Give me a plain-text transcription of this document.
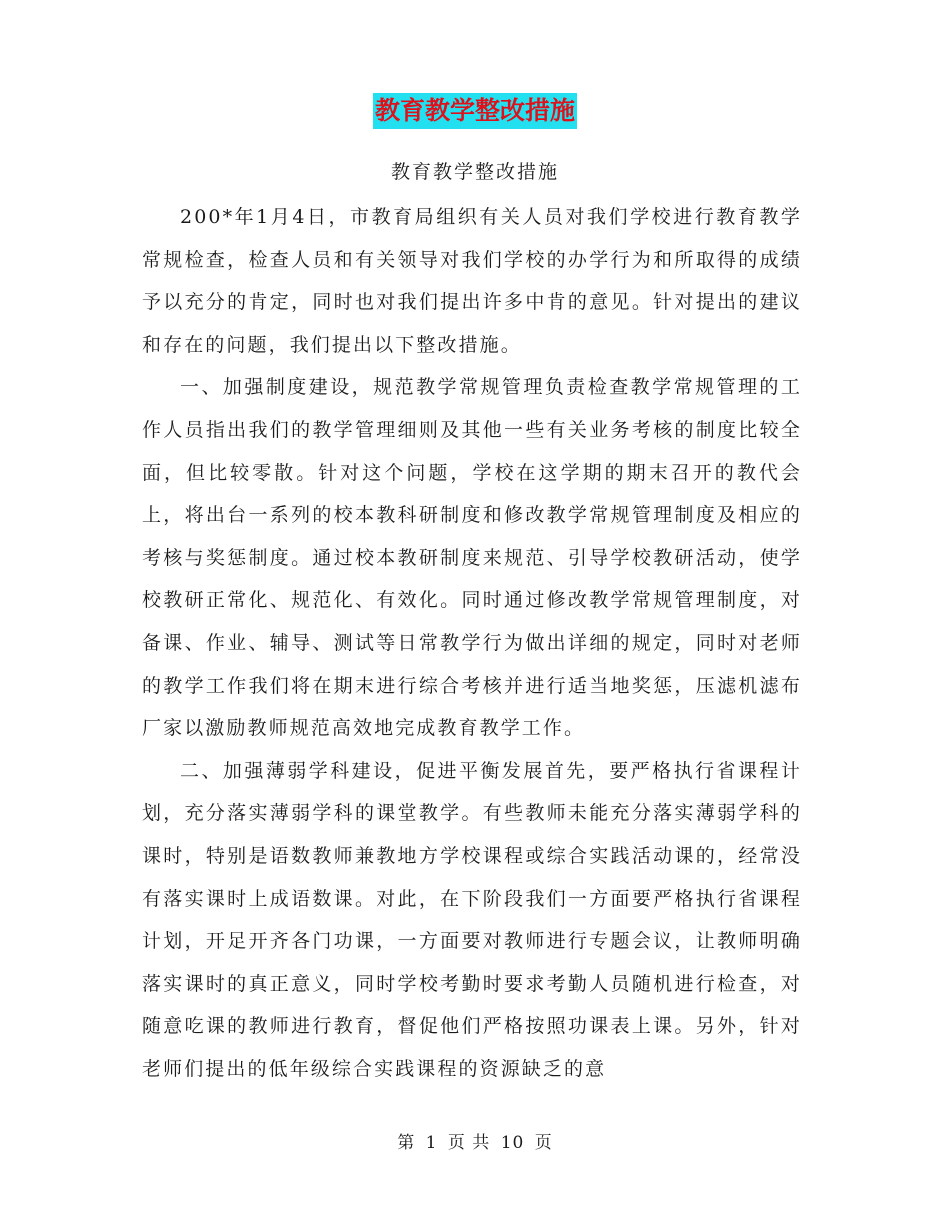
教育教学整改措施
教育教学整改措施

200*年1月4日，市教育局组织有关人员对我们学校进行教育教学常规检查，检查人员和有关领导对我们学校的办学行为和所取得的成绩予以充分的肯定，同时也对我们提出许多中肯的意见。针对提出的建议和存在的问题，我们提出以下整改措施。

一、加强制度建设，规范教学常规管理负责检查教学常规管理的工作人员指出我们的教学管理细则及其他一些有关业务考核的制度比较全面，但比较零散。针对这个问题，学校在这学期的期末召开的教代会上，将出台一系列的校本教科研制度和修改教学常规管理制度及相应的考核与奖惩制度。通过校本教研制度来规范、引导学校教研活动，使学校教研正常化、规范化、有效化。同时通过修改教学常规管理制度，对备课、作业、辅导、测试等日常教学行为做出详细的规定，同时对老师的教学工作我们将在期末进行综合考核并进行适当地奖惩，压滤机滤布厂家以激励教师规范高效地完成教育教学工作。

二、加强薄弱学科建设，促进平衡发展首先，要严格执行省课程计划，充分落实薄弱学科的课堂教学。有些教师未能充分落实薄弱学科的课时，特别是语数教师兼教地方学校课程或综合实践活动课的，经常没有落实课时上成语数课。对此，在下阶段我们一方面要严格执行省课程计划，开足开齐各门功课，一方面要对教师进行专题会议，让教师明确落实课时的真正意义，同时学校考勤时要求考勤人员随机进行检查，对随意吃课的教师进行教育，督促他们严格按照功课表上课。另外，针对老师们提出的低年级综合实践课程的资源缺乏的意

第 1 页 共 10 页
